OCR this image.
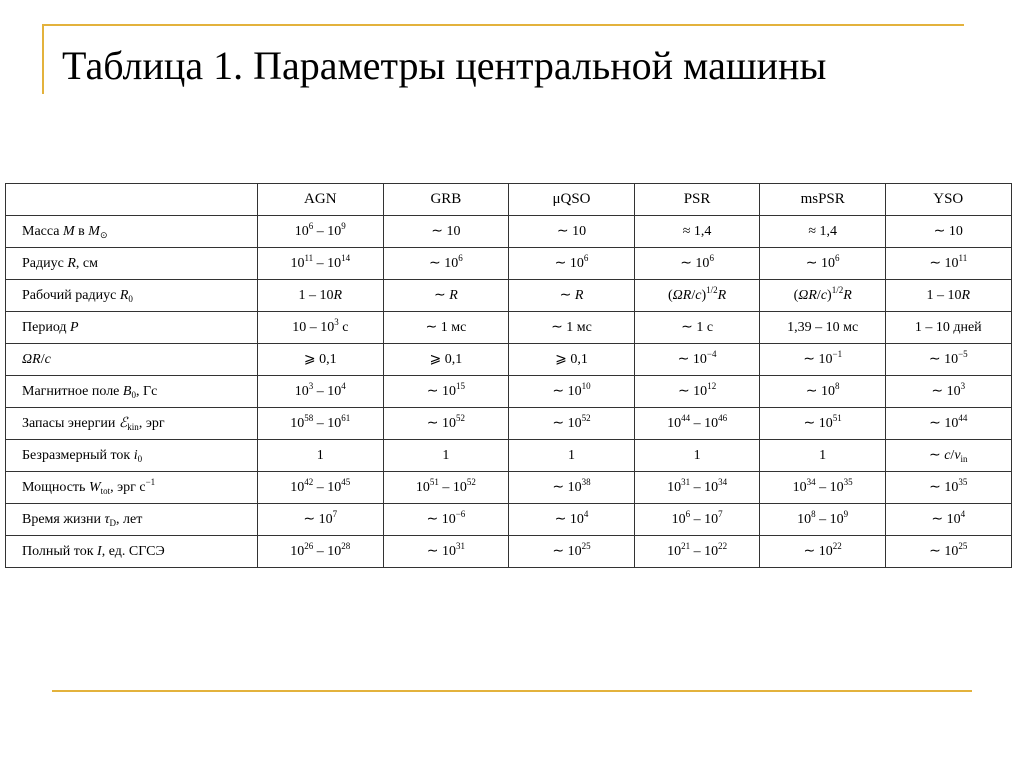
Таблица 1. Параметры центральной машины
	AGN	GRB	μQSO	PSR	msPSR	YSO
Масса M в $M_⊙$	$10^6 - 10^9$	∼ 10	∼ 10	≈ 1,4	≈ 1,4	∼ 10
Радиус R, см	$10^{11} - 10^{14}$	∼ $10^6$	∼ $10^6$	∼ $10^6$	∼ $10^6$	∼ $10^{11}$
Рабочий радиус $R_0$	1 – 10R	∼ R	∼ R	$(\Omega R/c)^{1/2}R$	$(\Omega R/c)^{1/2}R$	1 – 10R
Период P	$10 - 10^3$ с	∼ 1 мс	∼ 1 мс	∼ 1 с	1,39 – 10 мс	1 – 10 дней
ΩR/c	⩾ 0,1	⩾ 0,1	⩾ 0,1	∼ $10^{-4}$	∼ $10^{-1}$	∼ $10^{-5}$
Магнитное поле $B_0$, Гс	$10^3 - 10^4$	∼ $10^{15}$	∼ $10^{10}$	∼ $10^{12}$	∼ $10^8$	∼ $10^3$
Запасы энергии ℰ$_{kin}$, эрг	$10^{58} - 10^{61}$	∼ $10^{52}$	∼ $10^{52}$	$10^{44} - 10^{46}$	∼ $10^{51}$	∼ $10^{44}$
Безразмерный ток $i_0$	1	1	1	1	1	∼ $c/v_{in}$
Мощность $W_{tot}$, эрг $с^{-1}$	$10^{42} - 10^{45}$	$10^{51} - 10^{52}$	∼ $10^{38}$	$10^{31} - 10^{34}$	$10^{34} - 10^{35}$	∼ $10^{35}$
Время жизни $\tau_D$, лет	∼ $10^7$	∼ $10^{-6}$	∼ $10^4$	$10^6 - 10^7$	$10^8 - 10^9$	∼ $10^4$
Полный ток I, ед. СГСЭ	$10^{26} - 10^{28}$	∼ $10^{31}$	∼ $10^{25}$	$10^{21} - 10^{22}$	∼ $10^{22}$	∼ $10^{25}$
